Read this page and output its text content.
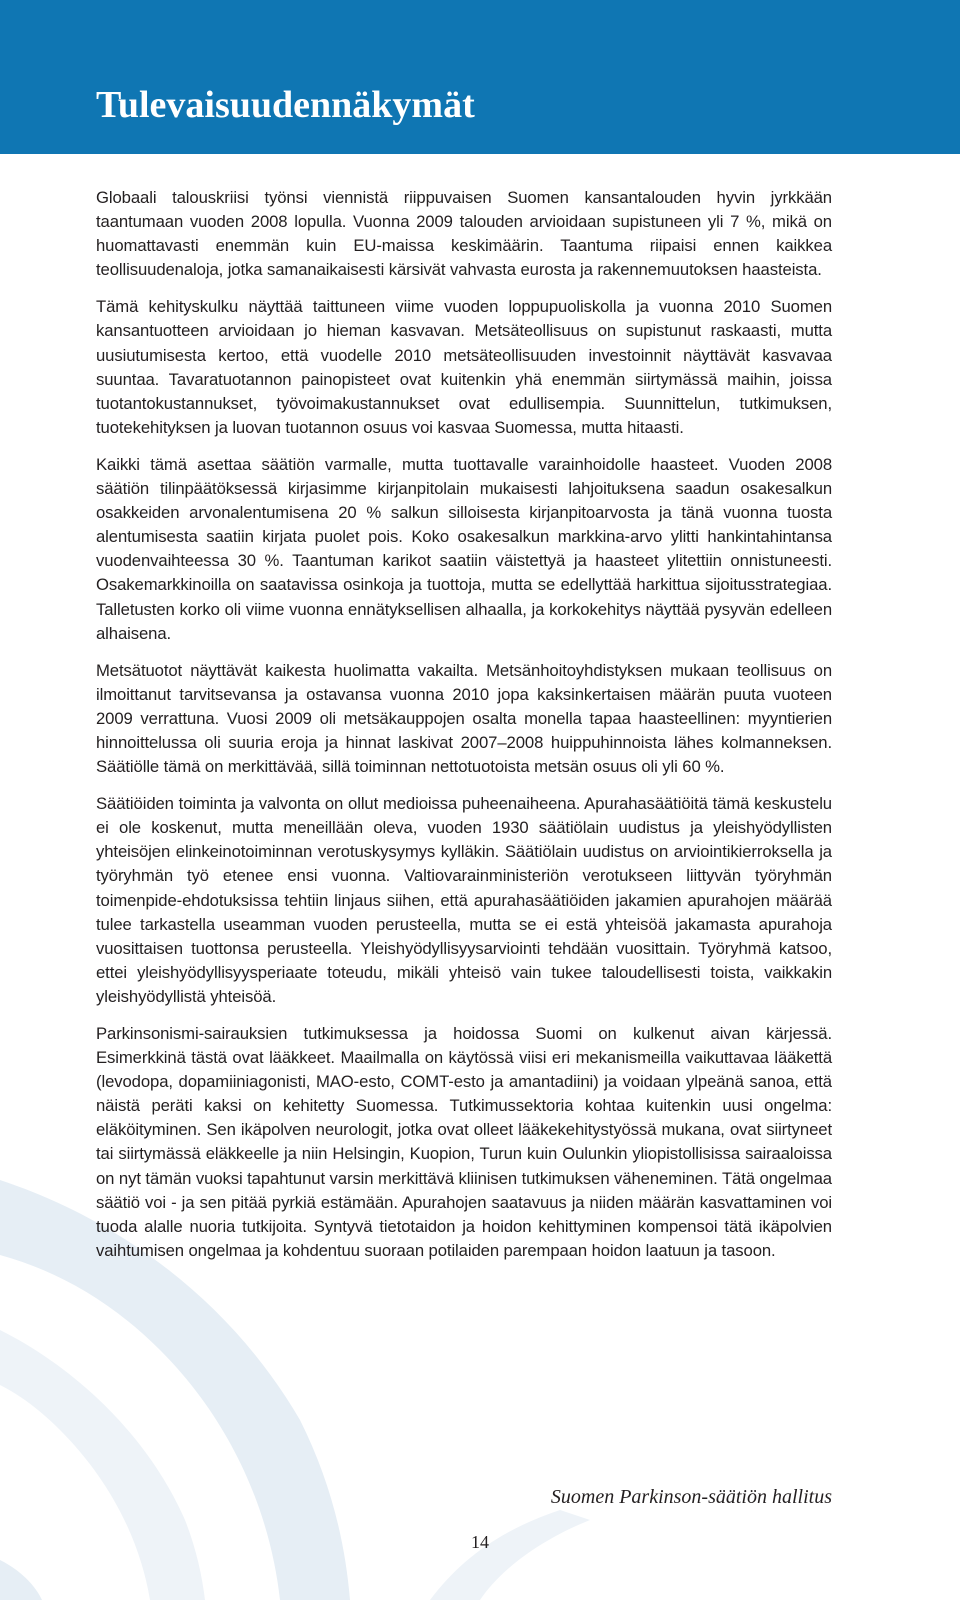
Tulevaisuudennäkymät

Globaali talouskriisi työnsi viennistä riippuvaisen Suomen kansantalouden hyvin jyrkkään taantumaan vuoden 2008 lopulla. Vuonna 2009 talouden arvioidaan supistuneen yli 7 %, mikä on huomattavasti enemmän kuin EU-maissa keskimäärin. Taantuma riipaisi ennen kaikkea teollisuudenaloja, jotka samanaikaisesti kärsivät vahvasta eurosta ja rakennemuutoksen haasteista.

Tämä kehityskulku näyttää taittuneen viime vuoden loppupuoliskolla ja vuonna 2010 Suomen kansantuotteen arvioidaan jo hieman kasvavan. Metsäteollisuus on supistunut raskaasti, mutta uusiutumisesta kertoo, että vuodelle 2010 metsäteollisuuden investoinnit näyttävät kasvavaa suuntaa. Tavaratuotannon painopisteet ovat kuitenkin yhä enemmän siirtymässä maihin, joissa tuotantokustannukset, työvoimakustannukset ovat edullisempia. Suunnittelun, tutkimuksen, tuotekehityksen ja luovan tuotannon osuus voi kasvaa Suomessa, mutta hitaasti.

Kaikki tämä asettaa säätiön varmalle, mutta tuottavalle varainhoidolle haasteet. Vuoden 2008 säätiön tilinpäätöksessä kirjasimme kirjanpitolain mukaisesti lahjoituksena saadun osakesalkun osakkeiden arvonalentumisena 20 % salkun silloisesta kirjanpitoarvosta ja tänä vuonna tuosta alentumisesta saatiin kirjata puolet pois. Koko osakesalkun markkina-arvo ylitti hankintahintansa vuodenvaihteessa 30 %. Taantuman karikot saatiin väistettyä ja haasteet ylitettiin onnistuneesti. Osakemarkkinoilla on saatavissa osinkoja ja tuottoja, mutta se edellyttää harkittua sijoitusstrategiaa. Talletusten korko oli viime vuonna ennätyksellisen alhaalla, ja korkokehitys näyttää pysyvän edelleen alhaisena.

Metsätuotot näyttävät kaikesta huolimatta vakailta. Metsänhoitoyhdistyksen mukaan teollisuus on ilmoittanut tarvitsevansa ja ostavansa vuonna 2010 jopa kaksinkertaisen määrän puuta vuoteen 2009 verrattuna. Vuosi 2009 oli metsäkauppojen osalta monella tapaa haasteellinen: myyntierien hinnoittelussa oli suuria eroja ja hinnat laskivat 2007–2008 huippuhinnoista lähes kolmanneksen. Säätiölle tämä on merkittävää, sillä toiminnan nettotuotoista metsän osuus oli yli 60 %.

Säätiöiden toiminta ja valvonta on ollut medioissa puheenaiheena. Apurahasäätiöitä tämä keskustelu ei ole koskenut, mutta meneillään oleva, vuoden 1930 säätiölain uudistus ja yleishyödyllisten yhteisöjen elinkeinotoiminnan verotuskysymys kylläkin. Säätiölain uudistus on arviointikierroksella ja työryhmän työ etenee ensi vuonna. Valtiovarainministeriön verotukseen liittyvän työryhmän toimenpide-ehdotuksissa tehtiin linjaus siihen, että apurahasäätiöiden jakamien apurahojen määrää tulee tarkastella useamman vuoden perusteella, mutta se ei estä yhteisöä jakamasta apurahoja vuosittaisen tuottonsa perusteella. Yleishyödyllisyysarviointi tehdään vuosittain. Työryhmä katsoo, ettei yleishyödyllisyysperiaate toteudu, mikäli yhteisö vain tukee taloudellisesti toista, vaikkakin yleishyödyllistä yhteisöä.

Parkinsonismi-sairauksien tutkimuksessa ja hoidossa Suomi on kulkenut aivan kärjessä. Esimerkkinä tästä ovat lääkkeet. Maailmalla on käytössä viisi eri mekanismeilla vaikuttavaa lääkettä (levodopa, dopamiiniagonisti, MAO-esto, COMT-esto ja amantadiini) ja voidaan ylpeänä sanoa, että näistä peräti kaksi on kehitetty Suomessa. Tutkimussektoria kohtaa kuitenkin uusi ongelma: eläköityminen. Sen ikäpolven neurologit, jotka ovat olleet lääkekehitystyössä mukana, ovat siirtyneet tai siirtymässä eläkkeelle ja niin Helsingin, Kuopion, Turun kuin Oulunkin yliopistollisissa sairaaloissa on nyt tämän vuoksi tapahtunut varsin merkittävä kliinisen tutkimuksen väheneminen. Tätä ongelmaa säätiö voi - ja sen pitää pyrkiä estämään. Apurahojen saatavuus ja niiden määrän kasvattaminen voi tuoda alalle nuoria tutkijoita. Syntyvä tietotaidon ja hoidon kehittyminen kompensoi tätä ikäpolvien vaihtumisen ongelmaa ja kohdentuu suoraan potilaiden parempaan hoidon laatuun ja tasoon.

Suomen Parkinson-säätiön hallitus
14
